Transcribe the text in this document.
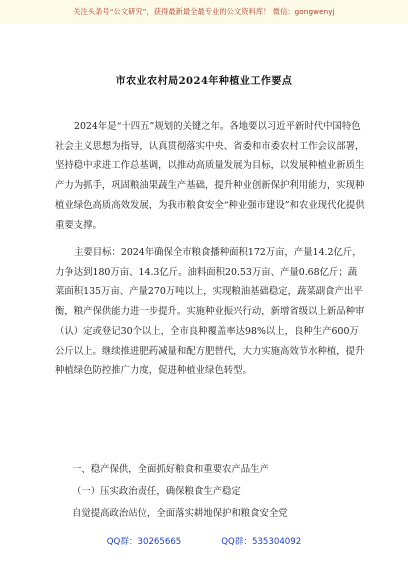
关注头条号“公文研究”，获得最新最全最专业的公文资料库！ 微信：gongwenyj
市农业农村局2024年种植业工作要点
2024年是“十四五”规划的关键之年。各地要以习近平新时代中国特色社会主义思想为指导，认真贯彻落实中央、省委和市委农村工作会议部署，坚持稳中求进工作总基调，以推动高质量发展为目标，以发展种植业新质生产力为抓手，巩固粮油果蔬生产基础，提升种业创新保护利用能力，实现种植业绿色高质高效发展，为我市粮食安全“种业强市建设”和农业现代化提供重要支撑。
主要目标：2024年确保全市粮食播种面积172万亩，产量14.2亿斤，力争达到180万亩、14.3亿斤。油料面积20.53万亩、产量0.68亿斤；蔬菜面积135万亩、产量270万吨以上，实现粮油基础稳定，蔬菜副食产出平衡，粮产保供能力进一步提升。实施种业振兴行动，新增省级以上新品种审（认）定或登记30个以上，全市良种覆盖率达98%以上，良种生产600万公斤以上。继续推进肥药减量和配方肥替代，大力实施高效节水种植，提升种植绿色防控推广力度，促进种植业绿色转型。
一、稳产保供，全面抓好粮食和重要农产品生产
（一）压实政治责任，确保粮食生产稳定
自觉提高政治站位，全面落实耕地保护和粮食安全党
QQ群：30265665	QQ群：535304092
